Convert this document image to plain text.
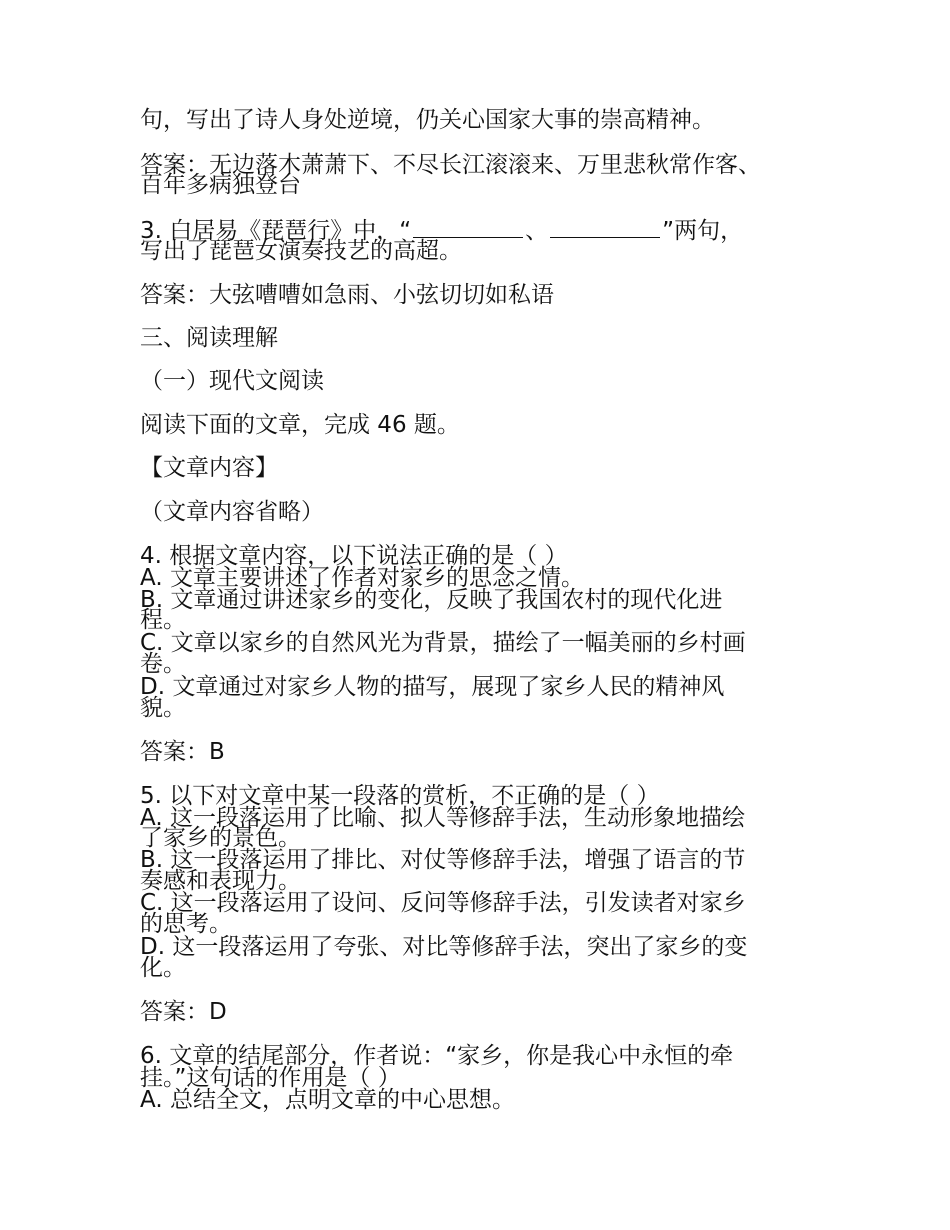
句，写出了诗人身处逆境，仍关心国家大事的崇高精神。
答案：无边落木萧萧下、不尽长江滚滚来、万里悲秋常作客、
百年多病独登台
3. 白居易《琵琶行》中，“	、	”两句，
写出了琵琶女演奏技艺的高超。
答案：大弦嘈嘈如急雨、小弦切切如私语
三、阅读理解
（一）现代文阅读
阅读下面的文章，完成 46 题。
【文章内容】
（文章内容省略）
4. 根据文章内容，以下说法正确的是（ ）
A. 文章主要讲述了作者对家乡的思念之情。
B. 文章通过讲述家乡的变化，反映了我国农村的现代化进
程。
C. 文章以家乡的自然风光为背景，描绘了一幅美丽的乡村画
卷。
D. 文章通过对家乡人物的描写，展现了家乡人民的精神风
貌。
答案：B
5. 以下对文章中某一段落的赏析，不正确的是（ ）
A. 这一段落运用了比喻、拟人等修辞手法，生动形象地描绘
了家乡的景色。
B. 这一段落运用了排比、对仗等修辞手法，增强了语言的节
奏感和表现力。
C. 这一段落运用了设问、反问等修辞手法，引发读者对家乡
的思考。
D. 这一段落运用了夸张、对比等修辞手法，突出了家乡的变
化。
答案：D
6. 文章的结尾部分，作者说：“家乡，你是我心中永恒的牵
挂。”这句话的作用是（ ）
A. 总结全文，点明文章的中心思想。
